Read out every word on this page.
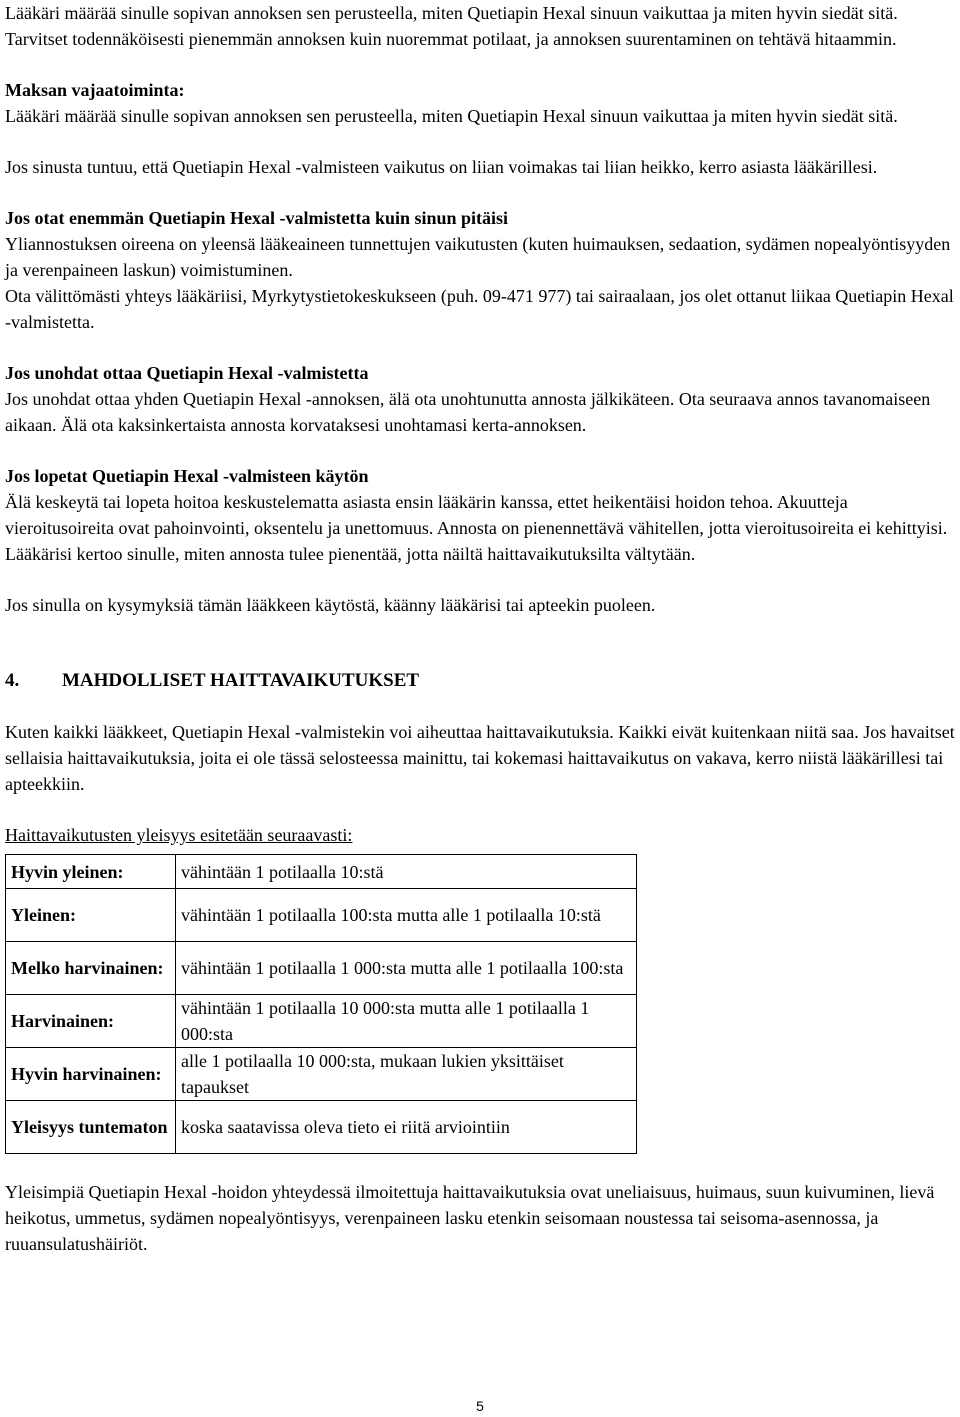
Lääkäri määrää sinulle sopivan annoksen sen perusteella, miten Quetiapin Hexal sinuun vaikuttaa ja miten hyvin siedät sitä. Tarvitset todennäköisesti pienemmän annoksen kuin nuoremmat potilaat, ja annoksen suurentaminen on tehtävä hitaammin.

Maksan vajaatoiminta:

Lääkäri määrää sinulle sopivan annoksen sen perusteella, miten Quetiapin Hexal sinuun vaikuttaa ja miten hyvin siedät sitä.

Jos sinusta tuntuu, että Quetiapin Hexal -valmisteen vaikutus on liian voimakas tai liian heikko, kerro asiasta lääkärillesi.

Jos otat enemmän Quetiapin Hexal -valmistetta kuin sinun pitäisi

Yliannostuksen oireena on yleensä lääkeaineen tunnettujen vaikutusten (kuten huimauksen, sedaation, sydämen nopealyöntisyyden ja verenpaineen laskun) voimistuminen.

Ota välittömästi yhteys lääkäriisi, Myrkytystietokeskukseen (puh. 09-471 977) tai sairaalaan, jos olet ottanut liikaa Quetiapin Hexal -valmistetta.

Jos unohdat ottaa Quetiapin Hexal -valmistetta

Jos unohdat ottaa yhden Quetiapin Hexal -annoksen, älä ota unohtunutta annosta jälkikäteen. Ota seuraava annos tavanomaiseen aikaan. Älä ota kaksinkertaista annosta korvataksesi unohtamasi kerta-annoksen.

Jos lopetat Quetiapin Hexal -valmisteen käytön

Älä keskeytä tai lopeta hoitoa keskustelematta asiasta ensin lääkärin kanssa, ettet heikentäisi hoidon tehoa. Akuutteja vieroitusoireita ovat pahoinvointi, oksentelu ja unettomuus. Annosta on pienennettävä vähitellen, jotta vieroitusoireita ei kehittyisi. Lääkärisi kertoo sinulle, miten annosta tulee pienentää, jotta näiltä haittavaikutuksilta vältytään.

Jos sinulla on kysymyksiä tämän lääkkeen käytöstä, käänny lääkärisi tai apteekin puoleen.

4. MAHDOLLISET HAITTAVAIKUTUKSET

Kuten kaikki lääkkeet, Quetiapin Hexal -valmistekin voi aiheuttaa haittavaikutuksia. Kaikki eivät kuitenkaan niitä saa. Jos havaitset sellaisia haittavaikutuksia, joita ei ole tässä selosteessa mainittu, tai kokemasi haittavaikutus on vakava, kerro niistä lääkärillesi tai apteekkiin.

Haittavaikutusten yleisyys esitetään seuraavasti:

Hyvin yleinen:	vähintään 1 potilaalla 10:stä
Yleinen:	vähintään 1 potilaalla 100:sta mutta alle 1 potilaalla 10:stä
Melko harvinainen:	vähintään 1 potilaalla 1 000:sta mutta alle 1 potilaalla 100:sta
Harvinainen:	vähintään 1 potilaalla 10 000:sta mutta alle 1 potilaalla 1 000:sta
Hyvin harvinainen:	alle 1 potilaalla 10 000:sta, mukaan lukien yksittäiset tapaukset
Yleisyys tuntematon	koska saatavissa oleva tieto ei riitä arviointiin

Yleisimpiä Quetiapin Hexal -hoidon yhteydessä ilmoitettuja haittavaikutuksia ovat uneliaisuus, huimaus, suun kuivuminen, lievä heikotus, ummetus, sydämen nopealyöntisyys, verenpaineen lasku etenkin seisomaan noustessa tai seisoma-asennossa, ja ruuansulatushäiriöt.

5
